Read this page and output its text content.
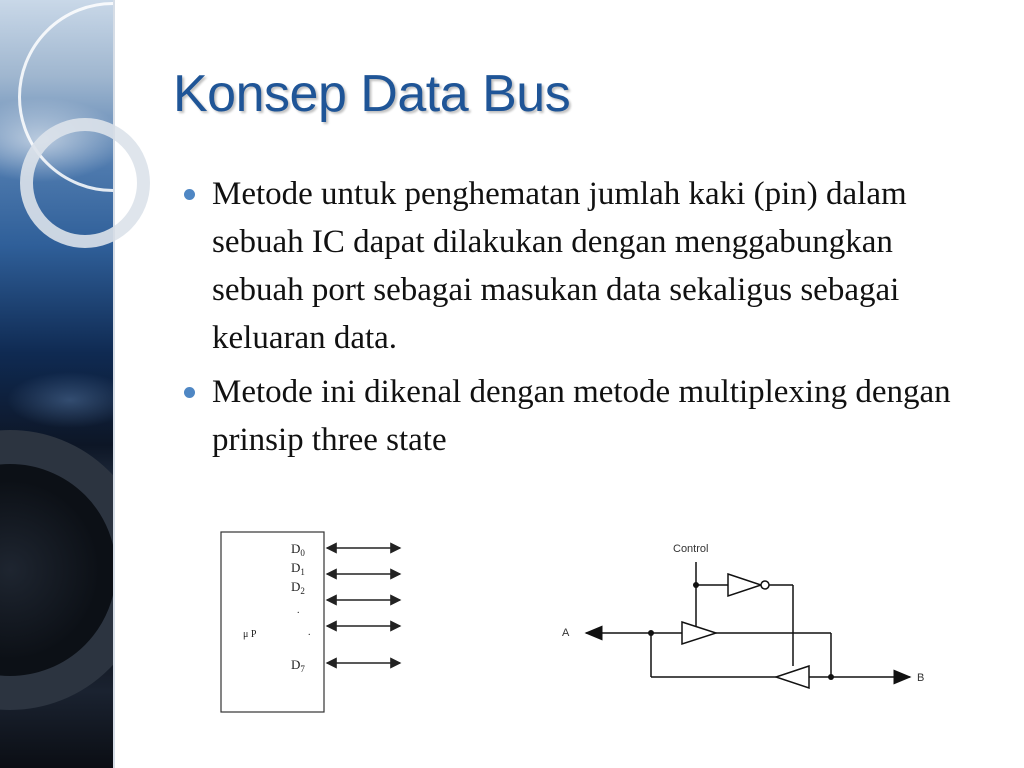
Konsep Data Bus
Metode untuk penghematan jumlah kaki (pin) dalam sebuah IC dapat dilakukan dengan menggabungkan sebuah port sebagai masukan data sekaligus sebagai keluaran data.
Metode ini dikenal dengan metode multiplexing dengan prinsip three state
μ P
$D_0$
$D_1$
$D_2$
.
.
$D_7$
Control
A
B
